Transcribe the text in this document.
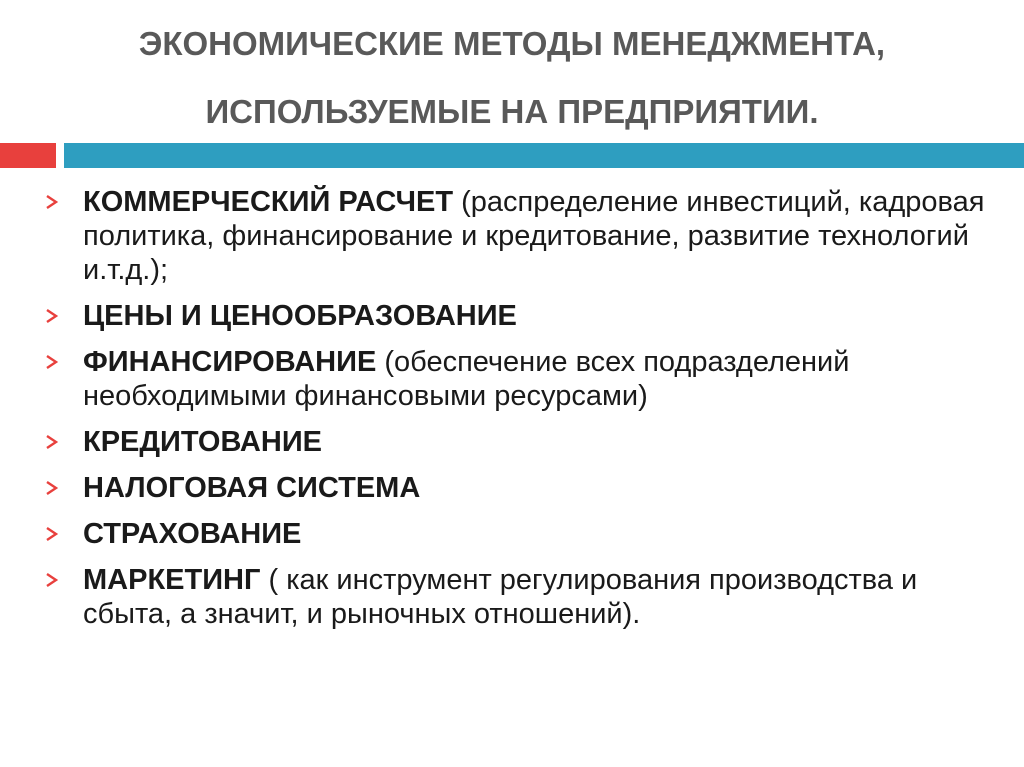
ЭКОНОМИЧЕСКИЕ МЕТОДЫ МЕНЕДЖМЕНТА,
ИСПОЛЬЗУЕМЫЕ НА ПРЕДПРИЯТИИ.
КОММЕРЧЕСКИЙ РАСЧЕТ (распределение инвестиций, кадровая политика, финансирование и кредитование, развитие технологий и.т.д.);
ЦЕНЫ И ЦЕНООБРАЗОВАНИЕ
ФИНАНСИРОВАНИЕ (обеспечение всех подразделений необходимыми финансовыми ресурсами)
КРЕДИТОВАНИЕ
НАЛОГОВАЯ СИСТЕМА
СТРАХОВАНИЕ
МАРКЕТИНГ ( как инструмент регулирования производства и сбыта, а значит, и рыночных отношений).
